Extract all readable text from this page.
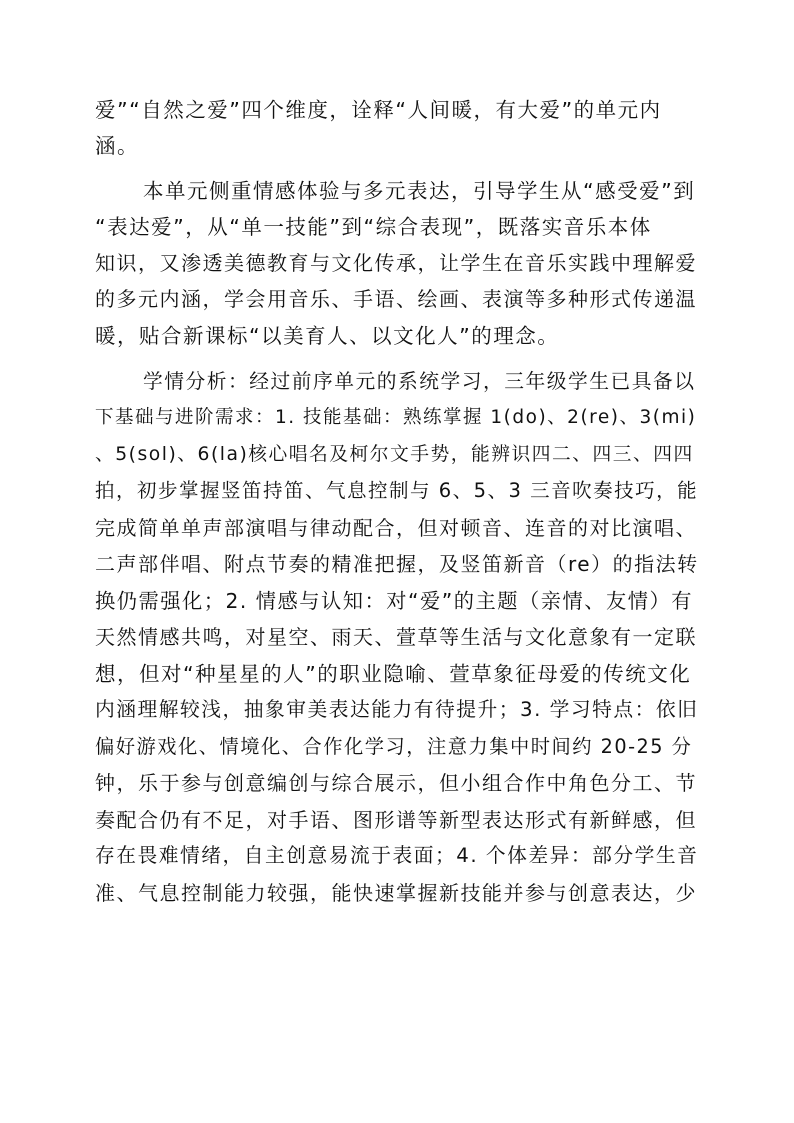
爱”“自然之爱”四个维度，诠释“人间暖，有大爱”的单元内
涵。
本单元侧重情感体验与多元表达，引导学生从“感受爱”到
“表达爱”，从“单一技能”到“综合表现”，既落实音乐本体
知识，又渗透美德教育与文化传承，让学生在音乐实践中理解爱
的多元内涵，学会用音乐、手语、绘画、表演等多种形式传递温
暖，贴合新课标“以美育人、以文化人”的理念。
学情分析：经过前序单元的系统学习，三年级学生已具备以
下基础与进阶需求：1. 技能基础：熟练掌握 1(do)、2(re)、3(mi)
、5(sol)、6(la)核心唱名及柯尔文手势，能辨识四二、四三、四四
拍，初步掌握竖笛持笛、气息控制与 6、5、3 三音吹奏技巧，能
完成简单单声部演唱与律动配合，但对顿音、连音的对比演唱、
二声部伴唱、附点节奏的精准把握，及竖笛新音（re）的指法转
换仍需强化；2. 情感与认知：对“爱”的主题（亲情、友情）有
天然情感共鸣，对星空、雨天、萱草等生活与文化意象有一定联
想，但对“种星星的人”的职业隐喻、萱草象征母爱的传统文化
内涵理解较浅，抽象审美表达能力有待提升；3. 学习特点：依旧
偏好游戏化、情境化、合作化学习，注意力集中时间约 20-25 分
钟，乐于参与创意编创与综合展示，但小组合作中角色分工、节
奏配合仍有不足，对手语、图形谱等新型表达形式有新鲜感，但
存在畏难情绪，自主创意易流于表面；4. 个体差异：部分学生音
准、气息控制能力较强，能快速掌握新技能并参与创意表达，少
